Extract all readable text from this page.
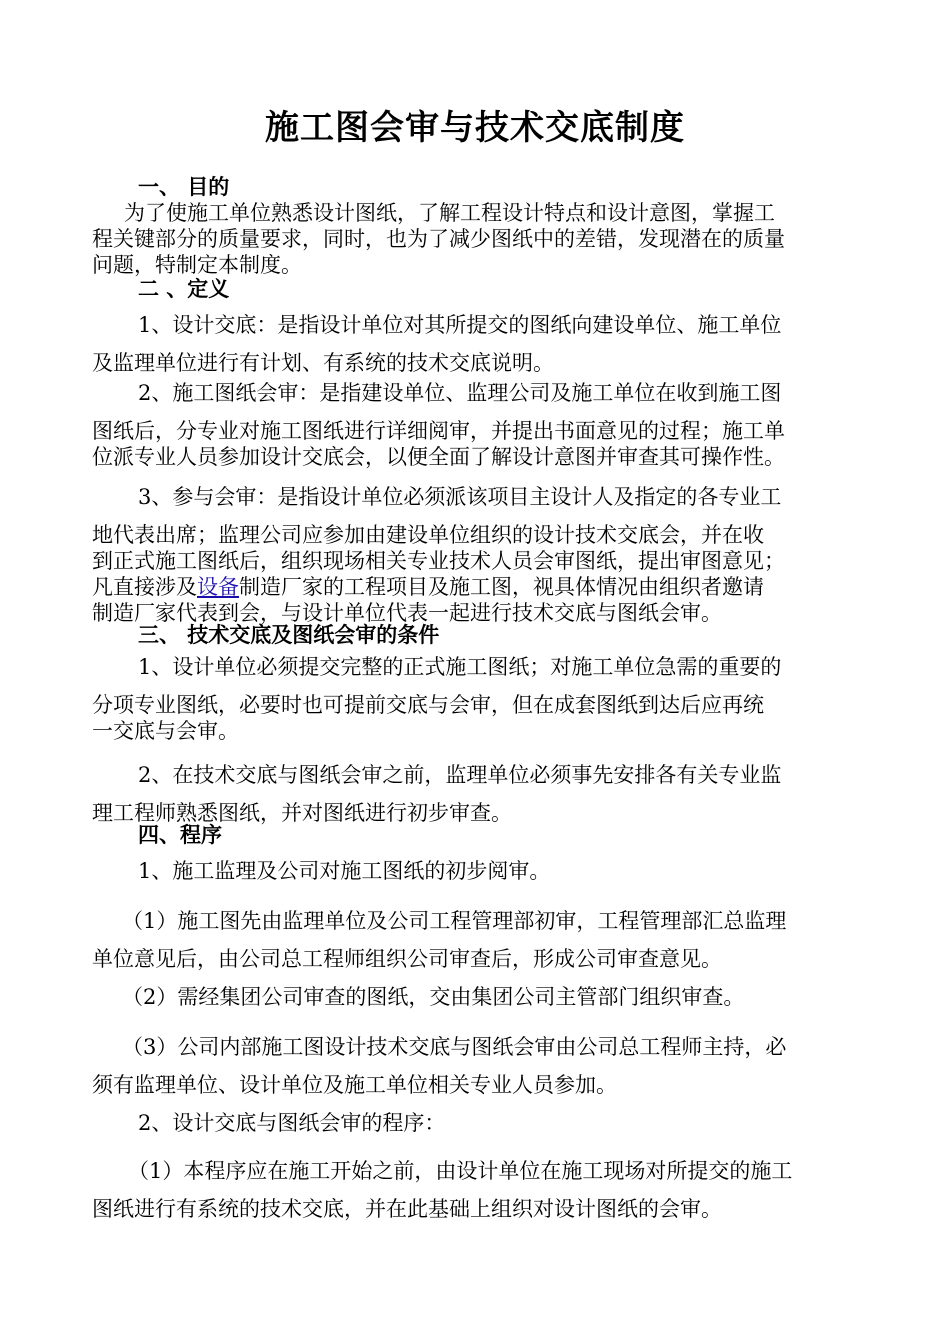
施工图会审与技术交底制度
一、 目的
为了使施工单位熟悉设计图纸，了解工程设计特点和设计意图，掌握工
程关键部分的质量要求，同时，也为了减少图纸中的差错，发现潜在的质量
问题，特制定本制度。
二 、定义
1、设计交底：是指设计单位对其所提交的图纸向建设单位、施工单位
及监理单位进行有计划、有系统的技术交底说明。
2、施工图纸会审：是指建设单位、监理公司及施工单位在收到施工图
图纸后，分专业对施工图纸进行详细阅审，并提出书面意见的过程；施工单
位派专业人员参加设计交底会，以便全面了解设计意图并审查其可操作性。
3、参与会审：是指设计单位必须派该项目主设计人及指定的各专业工
地代表出席；监理公司应参加由建设单位组织的设计技术交底会，并在收
到正式施工图纸后，组织现场相关专业技术人员会审图纸，提出审图意见；
凡直接涉及设备制造厂家的工程项目及施工图，视具体情况由组织者邀请
制造厂家代表到会，与设计单位代表一起进行技术交底与图纸会审。
三、 技术交底及图纸会审的条件
1、设计单位必须提交完整的正式施工图纸；对施工单位急需的重要的
分项专业图纸，必要时也可提前交底与会审，但在成套图纸到达后应再统
一交底与会审。
2、在技术交底与图纸会审之前，监理单位必须事先安排各有关专业监
理工程师熟悉图纸，并对图纸进行初步审查。
四、程序
1、施工监理及公司对施工图纸的初步阅审。
（1）施工图先由监理单位及公司工程管理部初审，工程管理部汇总监理
单位意见后，由公司总工程师组织公司审查后，形成公司审查意见。
（2）需经集团公司审查的图纸，交由集团公司主管部门组织审查。
（3）公司内部施工图设计技术交底与图纸会审由公司总工程师主持，必
须有监理单位、设计单位及施工单位相关专业人员参加。
2、设计交底与图纸会审的程序：
（1）本程序应在施工开始之前，由设计单位在施工现场对所提交的施工
图纸进行有系统的技术交底，并在此基础上组织对设计图纸的会审。
